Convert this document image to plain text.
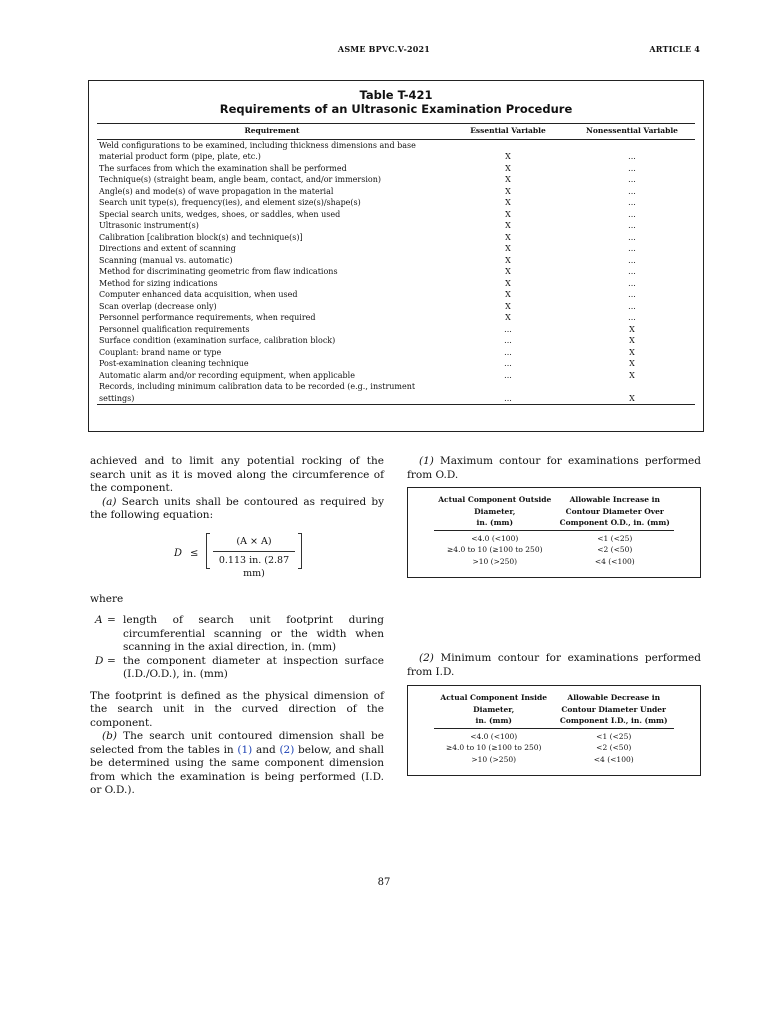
ASME BPVC.V-2021	ARTICLE 4
Table T-421
Requirements of an Ultrasonic Examination Procedure
Requirement	Essential Variable	Nonessential Variable
Weld configurations to be examined, including thickness dimensions and base		
material product form (pipe, plate, etc.)	X	...
The surfaces from which the examination shall be performed	X	...
Technique(s) (straight beam, angle beam, contact, and/or immersion)	X	...
Angle(s) and mode(s) of wave propagation in the material	X	...
Search unit type(s), frequency(ies), and element size(s)/shape(s)	X	...
Special search units, wedges, shoes, or saddles, when used	X	...
Ultrasonic instrument(s)	X	...
Calibration [calibration block(s) and technique(s)]	X	...
Directions and extent of scanning	X	...
Scanning (manual vs. automatic)	X	...
Method for discriminating geometric from flaw indications	X	...
Method for sizing indications	X	...
Computer enhanced data acquisition, when used	X	...
Scan overlap (decrease only)	X	...
Personnel performance requirements, when required	X	...
Personnel qualification requirements	...	X
Surface condition (examination surface, calibration block)	...	X
Couplant: brand name or type	...	X
Post-examination cleaning technique	...	X
Automatic alarm and/or recording equipment, when applicable	...	X
Records, including minimum calibration data to be recorded (e.g., instrument		
settings)	...	X

achieved and to limit any potential rocking of the search unit as it is moved along the circumference of the component.

(a) Search units shall be contoured as required by the following equation:

D ≤
(A × A)
0.113 in. (2.87 mm)

where

A = length of search unit footprint during circumferential scanning or the width when scanning in the axial direction, in. (mm)

D = the component diameter at inspection surface (I.D./O.D.), in. (mm)

The footprint is defined as the physical dimension of the search unit in the curved direction of the component.

(b) The search unit contoured dimension shall be selected from the tables in (1) and (2) below, and shall be determined using the same component dimension from which the examination is being performed (I.D. or O.D.).

(1) Maximum contour for examinations performed from O.D.

Actual Component Outside
Diameter,
in. (mm)	Allowable Increase in
Contour Diameter Over
Component O.D., in. (mm)
<4.0 (<100)	<1 (<25)
≥4.0 to 10 (≥100 to 250)	<2 (<50)
>10 (>250)	<4 (<100)

(2) Minimum contour for examinations performed from I.D.

Actual Component Inside
Diameter,
in. (mm)	Allowable Decrease in
Contour Diameter Under
Component I.D., in. (mm)
<4.0 (<100)	<1 (<25)
≥4.0 to 10 (≥100 to 250)	<2 (<50)
>10 (>250)	<4 (<100)
87
